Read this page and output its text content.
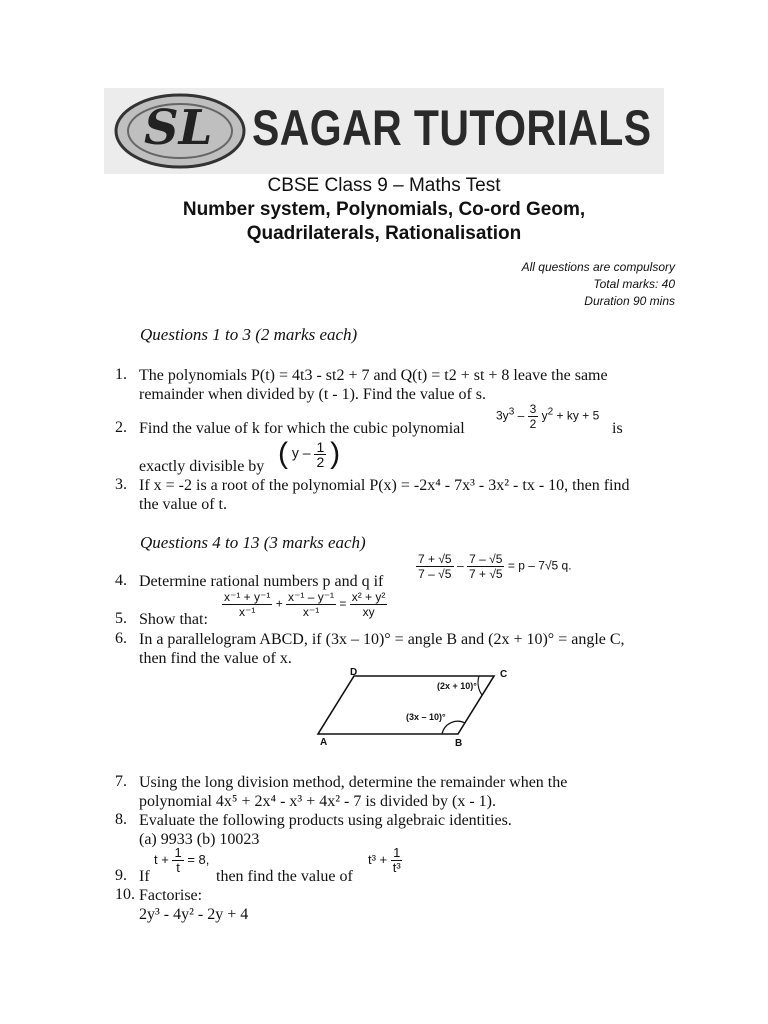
SL SAGAR TUTORIALS
CBSE Class 9 – Maths Test
Number system, Polynomials, Co-ord Geom,
Quadrilaterals, Rationalisation
All questions are compulsory
Total marks: 40
Duration 90 mins
Questions 1 to 3 (2 marks each)
1. The polynomials P(t) = 4t3 - st2 + 7 and Q(t) = t2 + st + 8 leave the same
remainder when divided by (t - 1). Find the value of s.
2. Find the value of k for which the cubic polynomial
$3y^3 - \frac{3}{2} y^2$ + ky + 5
is
exactly divisible by ( y – $\frac{1}{2}$ )
3. If x = -2 is a root of the polynomial P(x) = -2x⁴ - 7x³ - 3x² - tx - 10, then find
the value of t.
Questions 4 to 13 (3 marks each)
4. Determine rational numbers p and q if
$\frac{7 + √5}{7 - √5} - \frac{7 - √5}{7 + √5} = p - 7√5$ q.
5. Show that:
$\frac{\text{x⁻¹ + y⁻¹}}{\text{x⁻¹}} + \frac{\text{x⁻¹ – y⁻¹}}{\text{x⁻¹}} = \frac{\text{x² + y²}}{xy}$
6. In a parallelogram ABCD, if (3x – 10)° = angle B and (2x + 10)° = angle C,
then find the value of x.
D	C
A	B
(2x + 10)°
(3x – 10)°
7. Using the long division method, determine the remainder when the
polynomial 4x⁵ + 2x⁴ - x³ + 4x² - 7 is divided by (x - 1).
8. Evaluate the following products using algebraic identities.
(a) 9933 (b) 10023
9. If
$t + \frac{1}{t} = 8$,
then find the value of
$t^3 + \frac{1}{\text{t³}}$
10. Factorise:
2y³ - 4y² - 2y + 4
